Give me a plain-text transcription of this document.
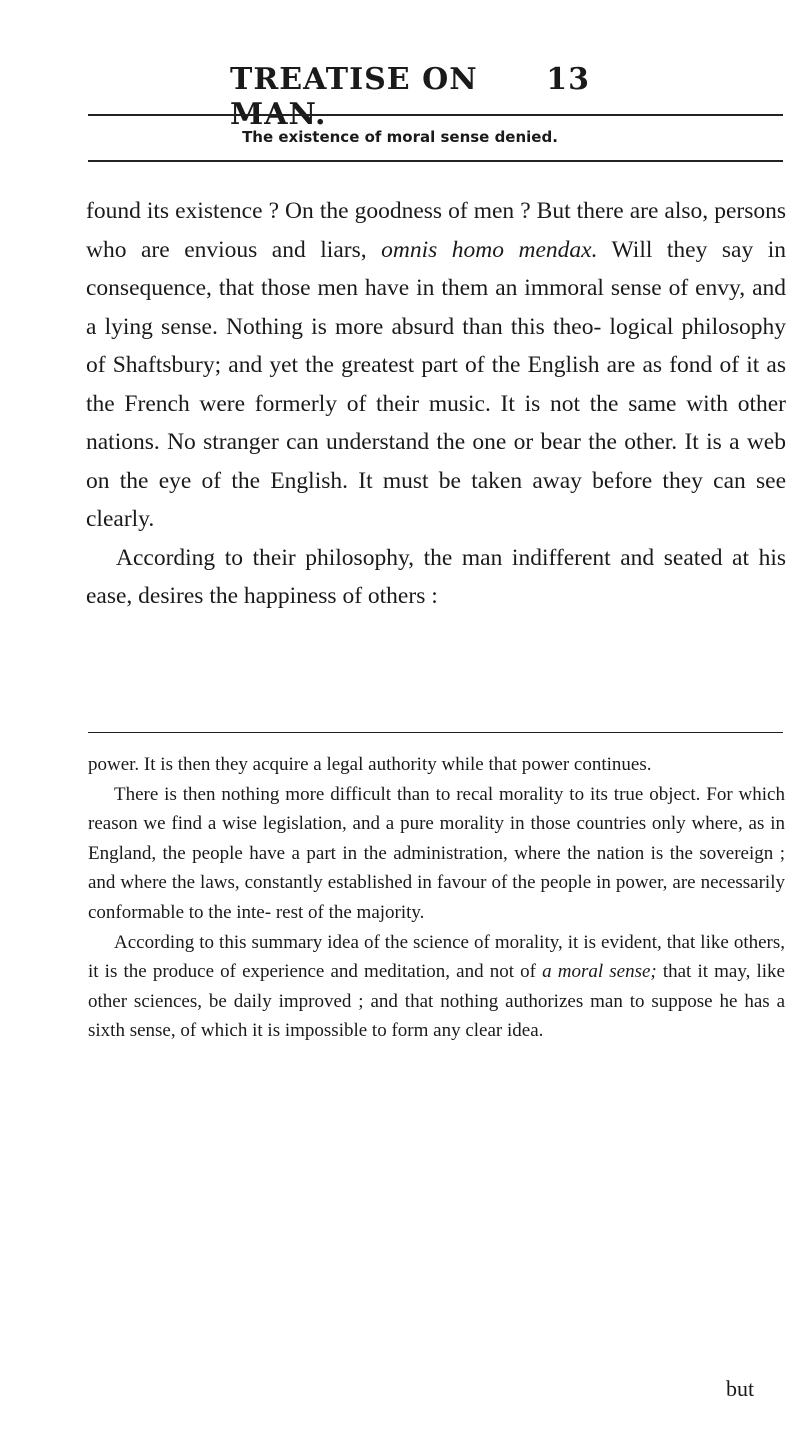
TREATISE ON MAN.
13
The existence of moral sense denied.

found its existence ? On the goodness of men ? But there are also, persons who are envious and liars, omnis homo mendax. Will they say in consequence, that those men have in them an immoral sense of envy, and a lying sense. Nothing is more absurd than this theo- logical philosophy of Shaftsbury; and yet the greatest part of the English are as fond of it as the French were formerly of their music. It is not the same with other nations. No stranger can understand the one or bear the other. It is a web on the eye of the English. It must be taken away before they can see clearly.

According to their philosophy, the man indifferent and seated at his ease, desires the happiness of others :

power. It is then they acquire a legal authority while that power continues.

There is then nothing more difficult than to recal morality to its true object. For which reason we find a wise legislation, and a pure morality in those countries only where, as in England, the people have a part in the administration, where the nation is the sovereign ; and where the laws, constantly established in favour of the people in power, are necessarily conformable to the inte- rest of the majority.

According to this summary idea of the science of morality, it is evident, that like others, it is the produce of experience and meditation, and not of a moral sense; that it may, like other sciences, be daily improved ; and that nothing authorizes man to suppose he has a sixth sense, of which it is impossible to form any clear idea.

but
